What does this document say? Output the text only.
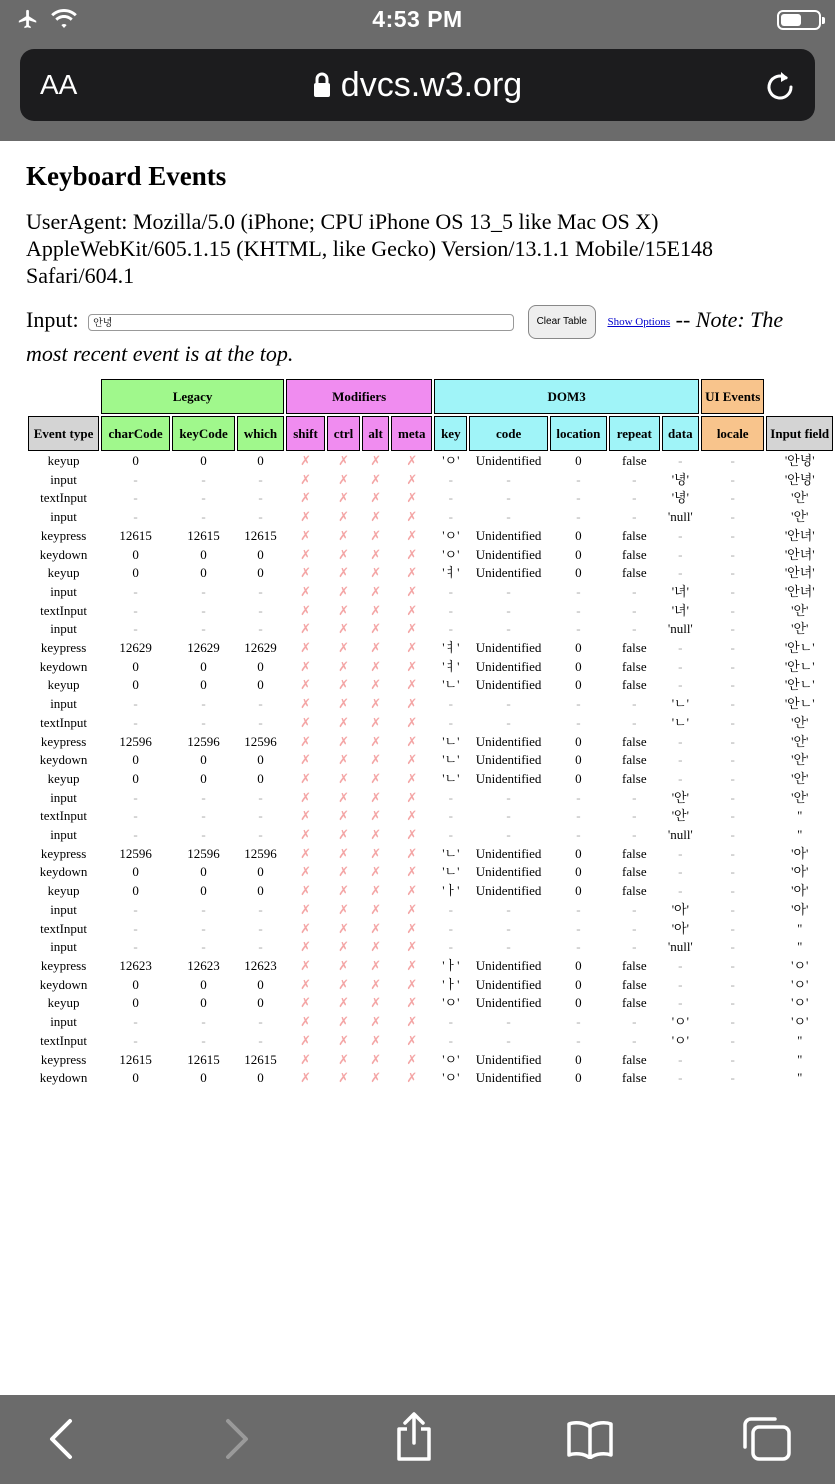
4:53 PM
AA	dvcs.w3.org
Keyboard Events

UserAgent: Mozilla/5.0 (iPhone; CPU iPhone OS 13_5 like Mac OS X) AppleWebKit/605.1.15 (KHTML, like Gecko) Version/13.1.1 Mobile/15E148 Safari/604.1

Input: 안녕	Clear Table Show Options -- Note: The most recent event is at the top.
	Legacy			Modifiers				DOM3					UI Events	
Event type	charCode	keyCode	which	shift	ctrl	alt	meta	key	code	location	repeat	data	locale	Input field
keyup	0	0	0	✗	✗	✗	✗	'ㅇ'	Unidentified	0	false	-	-	'안녕'
input	-	-	-	✗	✗	✗	✗	-	-	-	-	'녕'	-	'안녕'
textInput	-	-	-	✗	✗	✗	✗	-	-	-	-	'녕'	-	'안'
input	-	-	-	✗	✗	✗	✗	-	-	-	-	'null'	-	'안'
keypress	12615	12615	12615	✗	✗	✗	✗	'ㅇ'	Unidentified	0	false	-	-	'안녀'
keydown	0	0	0	✗	✗	✗	✗	'ㅇ'	Unidentified	0	false	-	-	'안녀'
keyup	0	0	0	✗	✗	✗	✗	'ㅕ'	Unidentified	0	false	-	-	'안녀'
input	-	-	-	✗	✗	✗	✗	-	-	-	-	'녀'	-	'안녀'
textInput	-	-	-	✗	✗	✗	✗	-	-	-	-	'녀'	-	'안'
input	-	-	-	✗	✗	✗	✗	-	-	-	-	'null'	-	'안'
keypress	12629	12629	12629	✗	✗	✗	✗	'ㅕ'	Unidentified	0	false	-	-	'안ㄴ'
keydown	0	0	0	✗	✗	✗	✗	'ㅕ'	Unidentified	0	false	-	-	'안ㄴ'
keyup	0	0	0	✗	✗	✗	✗	'ㄴ'	Unidentified	0	false	-	-	'안ㄴ'
input	-	-	-	✗	✗	✗	✗	-	-	-	-	'ㄴ'	-	'안ㄴ'
textInput	-	-	-	✗	✗	✗	✗	-	-	-	-	'ㄴ'	-	'안'
keypress	12596	12596	12596	✗	✗	✗	✗	'ㄴ'	Unidentified	0	false	-	-	'안'
keydown	0	0	0	✗	✗	✗	✗	'ㄴ'	Unidentified	0	false	-	-	'안'
keyup	0	0	0	✗	✗	✗	✗	'ㄴ'	Unidentified	0	false	-	-	'안'
input	-	-	-	✗	✗	✗	✗	-	-	-	-	'안'	-	'안'
textInput	-	-	-	✗	✗	✗	✗	-	-	-	-	'안'	-	''
input	-	-	-	✗	✗	✗	✗	-	-	-	-	'null'	-	''
keypress	12596	12596	12596	✗	✗	✗	✗	'ㄴ'	Unidentified	0	false	-	-	'아'
keydown	0	0	0	✗	✗	✗	✗	'ㄴ'	Unidentified	0	false	-	-	'아'
keyup	0	0	0	✗	✗	✗	✗	'ㅏ'	Unidentified	0	false	-	-	'아'
input	-	-	-	✗	✗	✗	✗	-	-	-	-	'아'	-	'아'
textInput	-	-	-	✗	✗	✗	✗	-	-	-	-	'아'	-	''
input	-	-	-	✗	✗	✗	✗	-	-	-	-	'null'	-	''
keypress	12623	12623	12623	✗	✗	✗	✗	'ㅏ'	Unidentified	0	false	-	-	'ㅇ'
keydown	0	0	0	✗	✗	✗	✗	'ㅏ'	Unidentified	0	false	-	-	'ㅇ'
keyup	0	0	0	✗	✗	✗	✗	'ㅇ'	Unidentified	0	false	-	-	'ㅇ'
input	-	-	-	✗	✗	✗	✗	-	-	-	-	'ㅇ'	-	'ㅇ'
textInput	-	-	-	✗	✗	✗	✗	-	-	-	-	'ㅇ'	-	''
keypress	12615	12615	12615	✗	✗	✗	✗	'ㅇ'	Unidentified	0	false	-	-	''
keydown	0	0	0	✗	✗	✗	✗	'ㅇ'	Unidentified	0	false	-	-	''
